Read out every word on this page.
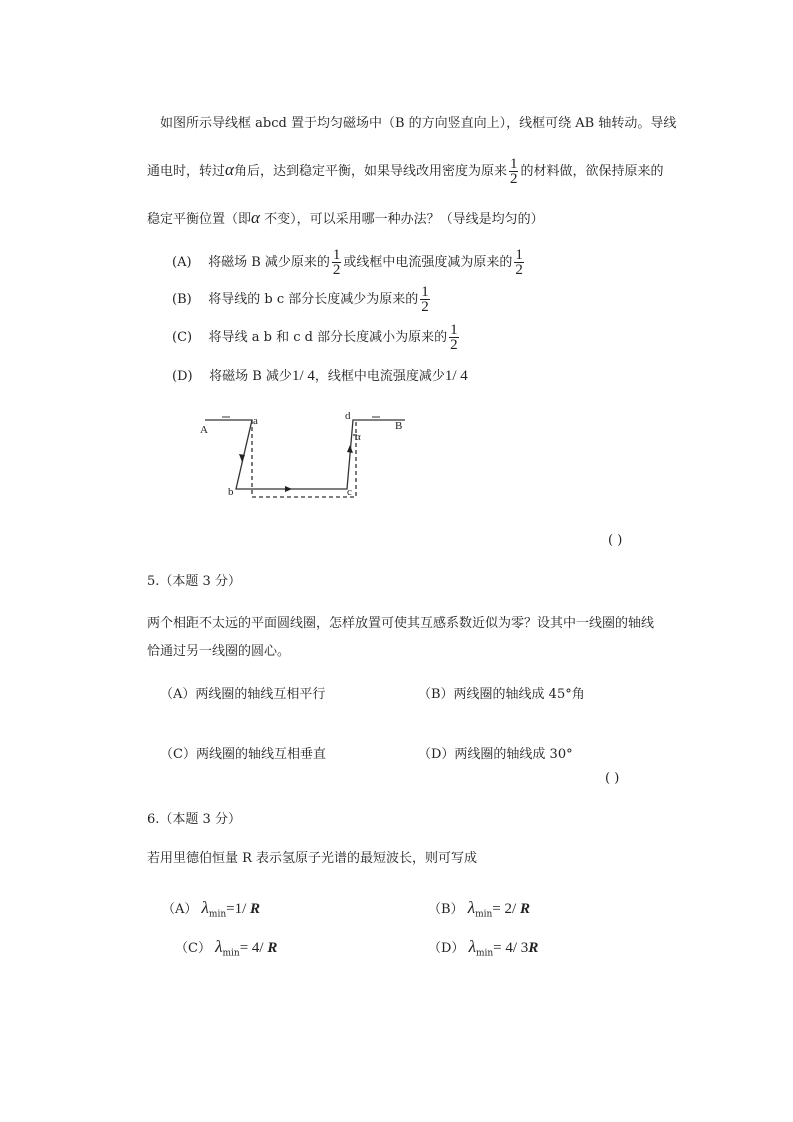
如图所示导线框 abcd 置于均匀磁场中（B 的方向竖直向上），线框可绕 AB 轴转动。导线
通电时，转过α角后，达到稳定平衡，如果导线改用密度为原来 $\frac{1}{2}$ 的材料做，欲保持原来的
稳定平衡位置（即α 不变），可以采用哪一种办法？（导线是均匀的）
(A) 将磁场 B 减少原来的 $\frac{1}{2}$ 或线框中电流强度减为原来的 $\frac{1}{2}$
(B) 将导线的 b c 部分长度减少为原来的 $\frac{1}{2}$
(C) 将导线 a b 和 c d 部分长度减小为原来的 $\frac{1}{2}$
(D) 将磁场 B 减少1/ 4，线框中电流强度减少1/ 4
A
a
b	c
d
B
α
( )
5.（本题 3 分）
两个相距不太远的平面圆线圈，怎样放置可使其互感系数近似为零？设其中一线圈的轴线
恰通过另一线圈的圆心。
（A）两线圈的轴线互相平行	（B）两线圈的轴线成 45°角
（C）两线圈的轴线互相垂直	（D）两线圈的轴线成 30°
( )
6.（本题 3 分）
若用里德伯恒量 R 表示氢原子光谱的最短波长，则可写成
（A） $\lambda_{min}=1/$ R	（B） $\lambda_{min}= 2/$ R
（C） $\lambda_{min}= 4/$ R	（D） $\lambda_{min}= 4/$ 3R
